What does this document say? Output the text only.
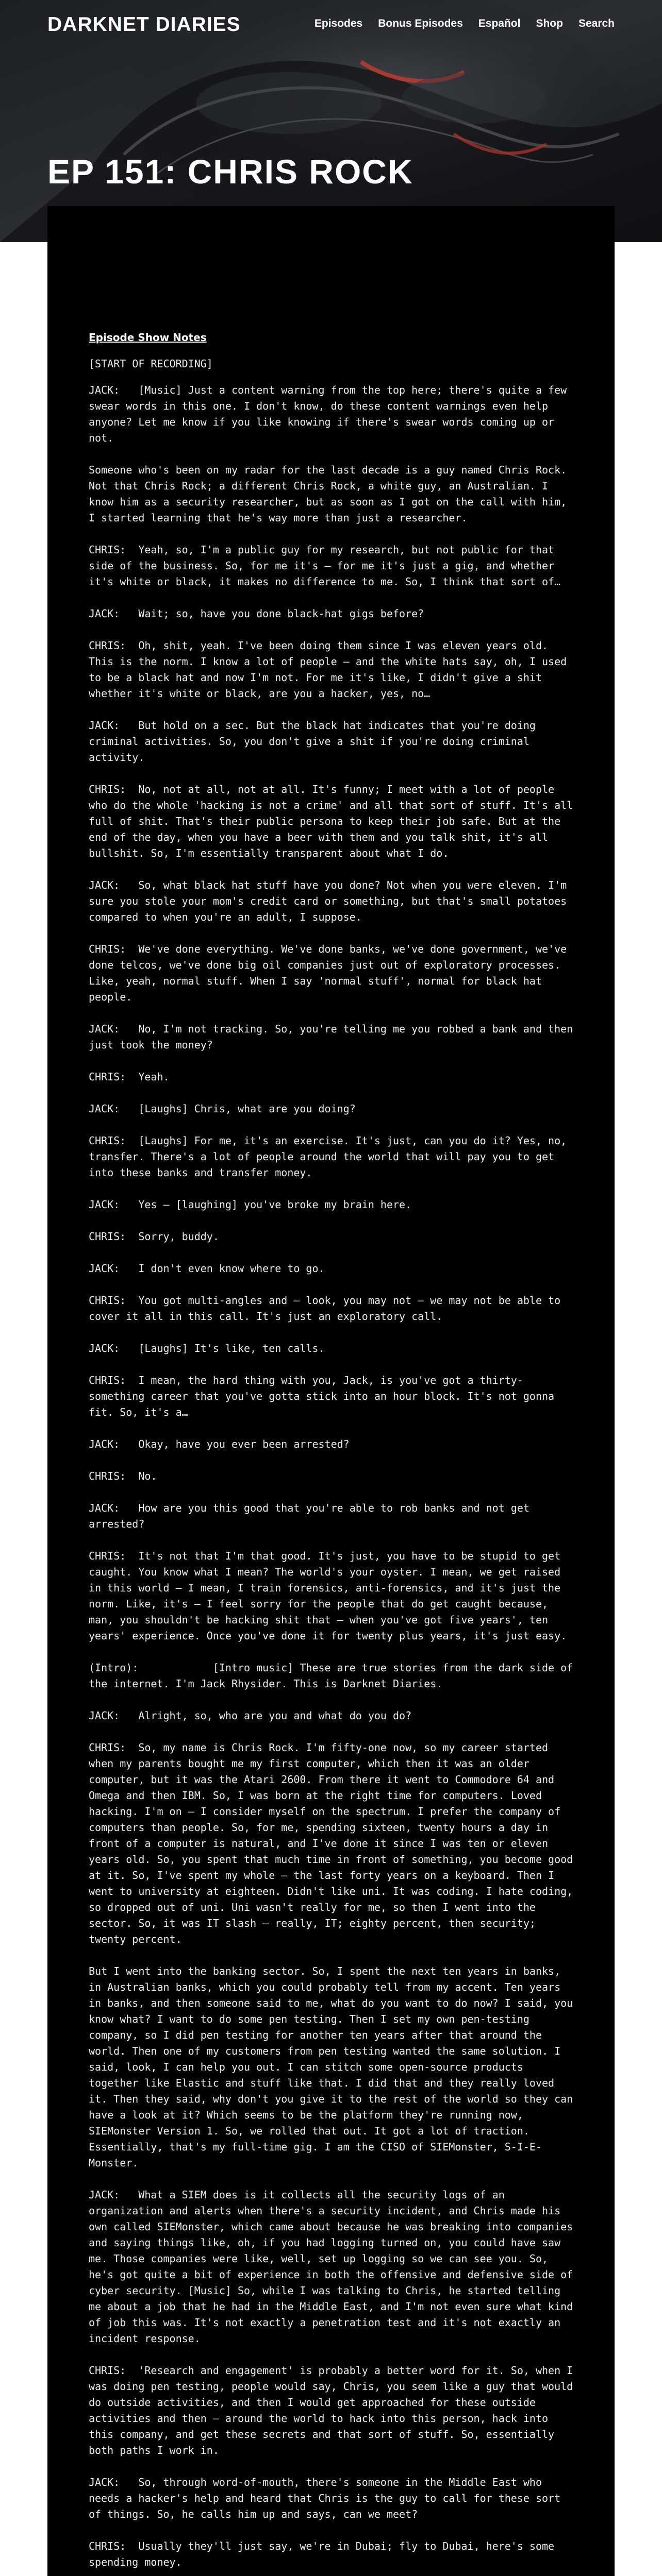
DARKNET DIARIES	Episodes Bonus Episodes Español Shop Search
EP 151: CHRIS ROCK
Episode Show Notes

[START OF RECORDING]

JACK:   [Music] Just a content warning from the top here; there's quite a few swear words in this one. I don't know, do these content warnings even help anyone? Let me know if you like knowing if there's swear words coming up or not.

Someone who's been on my radar for the last decade is a guy named Chris Rock. Not that Chris Rock; a different Chris Rock, a white guy, an Australian. I know him as a security researcher, but as soon as I got on the call with him, I started learning that he's way more than just a researcher.

CHRIS:  Yeah, so, I'm a public guy for my research, but not public for that side of the business. So, for me it's — for me it's just a gig, and whether it's white or black, it makes no difference to me. So, I think that sort of…

JACK:   Wait; so, have you done black-hat gigs before?

CHRIS:  Oh, shit, yeah. I've been doing them since I was eleven years old. This is the norm. I know a lot of people — and the white hats say, oh, I used to be a black hat and now I'm not. For me it's like, I didn't give a shit whether it's white or black, are you a hacker, yes, no…

JACK:   But hold on a sec. But the black hat indicates that you're doing criminal activities. So, you don't give a shit if you're doing criminal activity.

CHRIS:  No, not at all, not at all. It's funny; I meet with a lot of people who do the whole 'hacking is not a crime' and all that sort of stuff. It's all full of shit. That's their public persona to keep their job safe. But at the end of the day, when you have a beer with them and you talk shit, it's all bullshit. So, I'm essentially transparent about what I do.

JACK:   So, what black hat stuff have you done? Not when you were eleven. I'm sure you stole your mom's credit card or something, but that's small potatoes compared to when you're an adult, I suppose.

CHRIS:  We've done everything. We've done banks, we've done government, we've done telcos, we've done big oil companies just out of exploratory processes. Like, yeah, normal stuff. When I say 'normal stuff', normal for black hat people.

JACK:   No, I'm not tracking. So, you're telling me you robbed a bank and then just took the money?

CHRIS:  Yeah.

JACK:   [Laughs] Chris, what are you doing?

CHRIS:  [Laughs] For me, it's an exercise. It's just, can you do it? Yes, no, transfer. There's a lot of people around the world that will pay you to get into these banks and transfer money.

JACK:   Yes — [laughing] you've broke my brain here.

CHRIS:  Sorry, buddy.

JACK:   I don't even know where to go.

CHRIS:  You got multi-angles and — look, you may not — we may not be able to cover it all in this call. It's just an exploratory call.

JACK:   [Laughs] It's like, ten calls.

CHRIS:  I mean, the hard thing with you, Jack, is you've got a thirty-something career that you've gotta stick into an hour block. It's not gonna fit. So, it's a…

JACK:   Okay, have you ever been arrested?

CHRIS:  No.

JACK:   How are you this good that you're able to rob banks and not get arrested?

CHRIS:  It's not that I'm that good. It's just, you have to be stupid to get caught. You know what I mean? The world's your oyster. I mean, we get raised in this world — I mean, I train forensics, anti-forensics, and it's just the norm. Like, it's — I feel sorry for the people that do get caught because, man, you shouldn't be hacking shit that — when you've got five years', ten years' experience. Once you've done it for twenty plus years, it's just easy.

(Intro):            [Intro music] These are true stories from the dark side of the internet. I'm Jack Rhysider. This is Darknet Diaries.

JACK:   Alright, so, who are you and what do you do?

CHRIS:  So, my name is Chris Rock. I'm fifty-one now, so my career started when my parents bought me my first computer, which then it was an older computer, but it was the Atari 2600. From there it went to Commodore 64 and Omega and then IBM. So, I was born at the right time for computers. Loved hacking. I'm on — I consider myself on the spectrum. I prefer the company of computers than people. So, for me, spending sixteen, twenty hours a day in front of a computer is natural, and I've done it since I was ten or eleven years old. So, you spent that much time in front of something, you become good at it. So, I've spent my whole — the last forty years on a keyboard. Then I went to university at eighteen. Didn't like uni. It was coding. I hate coding, so dropped out of uni. Uni wasn't really for me, so then I went into the sector. So, it was IT slash — really, IT; eighty percent, then security; twenty percent.

But I went into the banking sector. So, I spent the next ten years in banks, in Australian banks, which you could probably tell from my accent. Ten years in banks, and then someone said to me, what do you want to do now? I said, you know what? I want to do some pen testing. Then I set my own pen-testing company, so I did pen testing for another ten years after that around the world. Then one of my customers from pen testing wanted the same solution. I said, look, I can help you out. I can stitch some open-source products together like Elastic and stuff like that. I did that and they really loved it. Then they said, why don't you give it to the rest of the world so they can have a look at it? Which seems to be the platform they're running now, SIEMonster Version 1. So, we rolled that out. It got a lot of traction. Essentially, that's my full-time gig. I am the CISO of SIEMonster, S-I-E-Monster.

JACK:   What a SIEM does is it collects all the security logs of an organization and alerts when there's a security incident, and Chris made his own called SIEMonster, which came about because he was breaking into companies and saying things like, oh, if you had logging turned on, you could have saw me. Those companies were like, well, set up logging so we can see you. So, he's got quite a bit of experience in both the offensive and defensive side of cyber security. [Music] So, while I was talking to Chris, he started telling me about a job that he had in the Middle East, and I'm not even sure what kind of job this was. It's not exactly a penetration test and it's not exactly an incident response.

CHRIS:  'Research and engagement' is probably a better word for it. So, when I was doing pen testing, people would say, Chris, you seem like a guy that would do outside activities, and then I would get approached for these outside activities and then — around the world to hack into this person, hack into this company, and get these secrets and that sort of stuff. So, essentially both paths I work in.

JACK:   So, through word-of-mouth, there's someone in the Middle East who needs a hacker's help and heard that Chris is the guy to call for these sort of things. So, he calls him up and says, can we meet?

CHRIS:  Usually they'll just say, we're in Dubai; fly to Dubai, here's some spending money.
